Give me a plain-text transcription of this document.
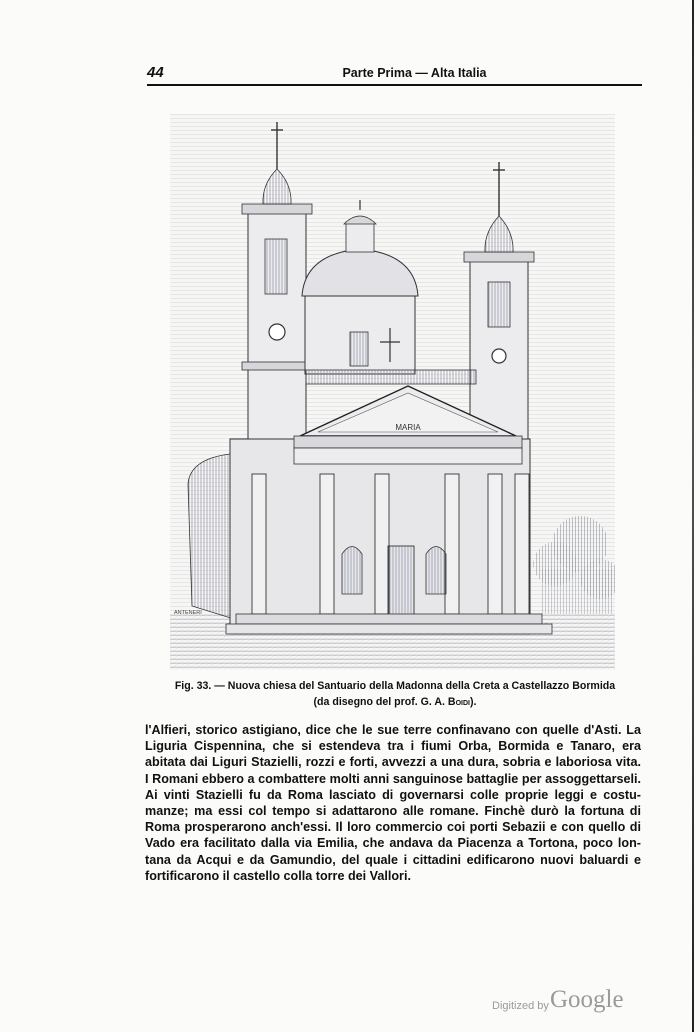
44	Parte Prima — Alta Italia
MARIA
ANTENERI
Fig. 33. — Nuova chiesa del Santuario della Madonna della Creta a Castellazzo Bormida
(da disegno del prof. G. A. Boidi).
l'Alfieri, storico astigiano, dice che le sue terre confinavano con quelle d'Asti. La
Liguria Cispennina, che si estendeva tra i fiumi Orba, Bormida e Tanaro, era
abitata dai Liguri Stazielli, rozzi e forti, avvezzi a una dura, sobria e laboriosa vita.
I Romani ebbero a combattere molti anni sanguinose battaglie per assoggettarseli.
Ai vinti Stazielli fu da Roma lasciato di governarsi colle proprie leggi e costu-
manze; ma essi col tempo si adattarono alle romane. Finchè durò la fortuna di
Roma prosperarono anch'essi. Il loro commercio coi porti Sebazii e con quello di
Vado era facilitato dalla via Emilia, che andava da Piacenza a Tortona, poco lon-
tana da Acqui e da Gamundio, del quale i cittadini edificarono nuovi baluardi e
fortificarono il castello colla torre dei Vallori.
Digitized by Google
